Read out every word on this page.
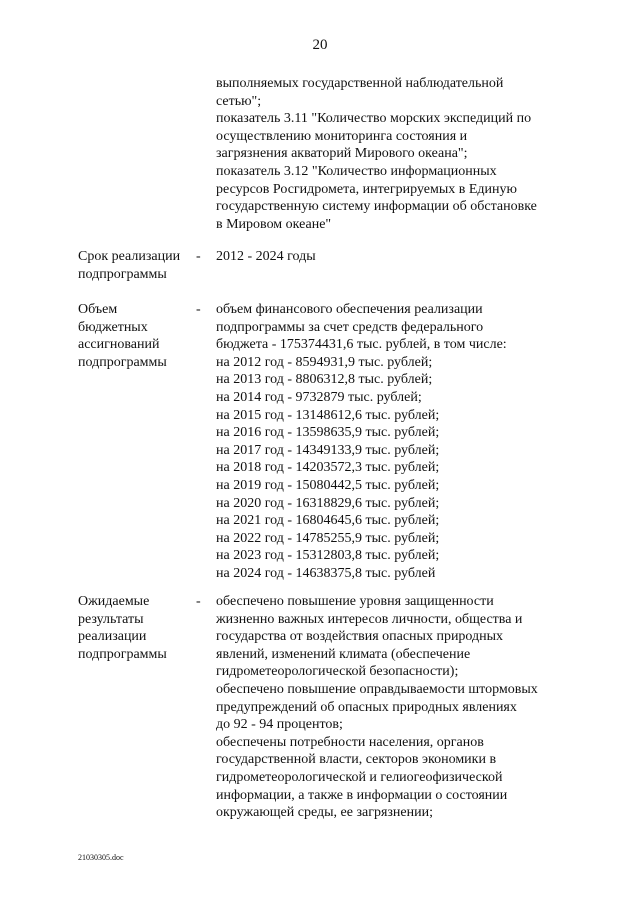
20
выполняемых государственной наблюдательной
сетью";
показатель 3.11 "Количество морских экспедиций по
осуществлению мониторинга состояния и
загрязнения акваторий Мирового океана";
показатель 3.12 "Количество информационных
ресурсов Росгидромета, интегрируемых в Единую
государственную систему информации об обстановке
в Мировом океане"
Срок реализации
подпрограммы
- 2012 - 2024 годы
Объем
бюджетных
ассигнований
подпрограммы
- объем финансового обеспечения реализации
подпрограммы за счет средств федерального
бюджета - 175374431,6 тыс. рублей, в том числе:
на 2012 год - 8594931,9 тыс. рублей;
на 2013 год - 8806312,8 тыс. рублей;
на 2014 год - 9732879 тыс. рублей;
на 2015 год - 13148612,6 тыс. рублей;
на 2016 год - 13598635,9 тыс. рублей;
на 2017 год - 14349133,9 тыс. рублей;
на 2018 год - 14203572,3 тыс. рублей;
на 2019 год - 15080442,5 тыс. рублей;
на 2020 год - 16318829,6 тыс. рублей;
на 2021 год - 16804645,6 тыс. рублей;
на 2022 год - 14785255,9 тыс. рублей;
на 2023 год - 15312803,8 тыс. рублей;
на 2024 год - 14638375,8 тыс. рублей
Ожидаемые
результаты
реализации
подпрограммы
- обеспечено повышение уровня защищенности
жизненно важных интересов личности, общества и
государства от воздействия опасных природных
явлений, изменений климата (обеспечение
гидрометеорологической безопасности);
обеспечено повышение оправдываемости штормовых
предупреждений об опасных природных явлениях
до 92 - 94 процентов;
обеспечены потребности населения, органов
государственной власти, секторов экономики в
гидрометеорологической и гелиогеофизической
информации, а также в информации о состоянии
окружающей среды, ее загрязнении;
21030305.doc
